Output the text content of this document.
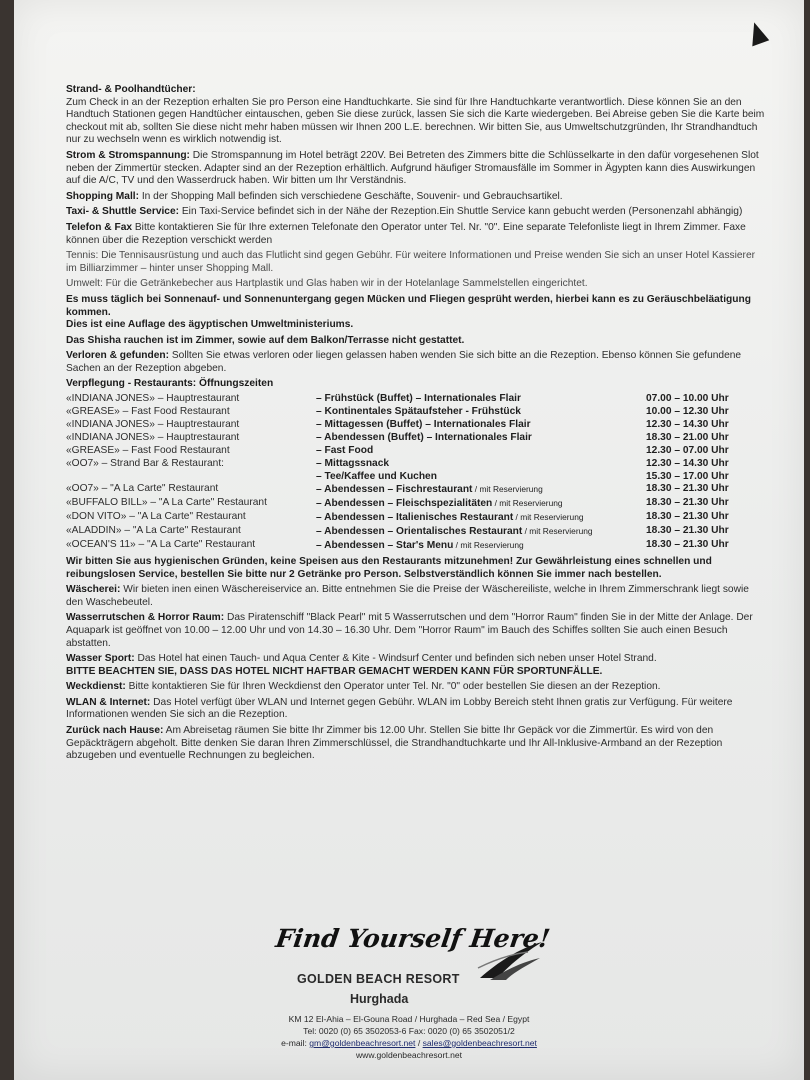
Strand- & Poolhandtücher:
Zum Check in an der Rezeption erhalten Sie pro Person eine Handtuchkarte. Sie sind für Ihre Handtuchkarte verantwortlich. Diese können Sie an den Handtuch Stationen gegen Handtücher eintauschen, geben Sie diese zurück, lassen Sie sich die Karte wiedergeben. Bei Abreise geben Sie die Karte beim checkout mit ab, sollten Sie diese nicht mehr haben müssen wir Ihnen 200 L.E. berechnen. Wir bitten Sie, aus Umweltschutzgründen, Ihr Strandhandtuch nur zu wechseln wenn es wirklich notwendig ist.
Strom & Stromspannung: Die Stromspannung im Hotel beträgt 220V. Bei Betreten des Zimmers bitte die Schlüsselkarte in den dafür vorgesehenen Slot neben der Zimmertür stecken. Adapter sind an der Rezeption erhältlich. Aufgrund häufiger Stromausfälle im Sommer in Ägypten kann dies Auswirkungen auf die A/C, TV und den Wasserdruck haben. Wir bitten um Ihr Verständnis.
Shopping Mall: In der Shopping Mall befinden sich verschiedene Geschäfte, Souvenir- und Gebrauchsartikel.
Taxi- & Shuttle Service: Ein Taxi-Service befindet sich in der Nähe der Rezeption.Ein Shuttle Service kann gebucht werden (Personenzahl abhängig)
Telefon & Fax Bitte kontaktieren Sie für Ihre externen Telefonate den Operator unter Tel. Nr. "0". Eine separate Telefonliste liegt in Ihrem Zimmer. Faxe können über die Rezeption verschickt werden
Tennis: Die Tennisausrüstung und auch das Flutlicht sind gegen Gebühr. Für weitere Informationen und Preise wenden Sie sich an unser Hotel Kassierer im Billiarzimmer – hinter unser Shopping Mall.
Umwelt: Für die Getränkebecher aus Hartplastik und Glas haben wir in der Hotelanlage Sammelstellen eingerichtet.
Es muss täglich bei Sonnenauf- und Sonnenuntergang gegen Mücken und Fliegen gesprüht werden, hierbei kann es zu Geräuschbeläatigung kommen.
Dies ist eine Auflage des ägyptischen Umweltministeriums.
Das Shisha rauchen ist im Zimmer, sowie auf dem Balkon/Terrasse nicht gestattet.
Verloren & gefunden: Sollten Sie etwas verloren oder liegen gelassen haben wenden Sie sich bitte an die Rezeption. Ebenso können Sie gefundene Sachen an der Rezeption abgeben.
Verpflegung - Restaurants: Öffnungszeiten
«INDIANA JONES» – Hauptrestaurant	– Frühstück (Buffet) – Internationales Flair	07.00 – 10.00 Uhr
«GREASE» – Fast Food Restaurant	– Kontinentales Spätaufsteher - Frühstück	10.00 – 12.30 Uhr
«INDIANA JONES» – Hauptrestaurant	– Mittagessen (Buffet) – Internationales Flair	12.30 – 14.30 Uhr
«INDIANA JONES» – Hauptrestaurant	– Abendessen (Buffet) – Internationales Flair	18.30 – 21.00 Uhr
«GREASE» – Fast Food Restaurant	– Fast Food	12.30 – 07.00 Uhr
«OO7» – Strand Bar & Restaurant:	– Mittagssnack	12.30 – 14.30 Uhr
– Tee/Kaffee und Kuchen	15.30 – 17.00 Uhr
«OO7» – "A La Carte" Restaurant	– Abendessen – Fischrestaurant / mit Reservierung	18.30 – 21.30 Uhr
«BUFFALO BILL» – "A La Carte" Restaurant	– Abendessen – Fleischspezialitäten / mit Reservierung	18.30 – 21.30 Uhr
«DON VITO» – "A La Carte" Restaurant	– Abendessen – Italienisches Restaurant / mit Reservierung	18.30 – 21.30 Uhr
«ALADDIN» – "A La Carte" Restaurant	– Abendessen – Orientalisches Restaurant / mit Reservierung	18.30 – 21.30 Uhr
«OCEAN'S 11» – "A La Carte" Restaurant	– Abendessen – Star's Menu / mit Reservierung	18.30 – 21.30 Uhr
Wir bitten Sie aus hygienischen Gründen, keine Speisen aus den Restaurants mitzunehmen! Zur Gewährleistung eines schnellen und reibungslosen Service, bestellen Sie bitte nur 2 Getränke pro Person. Selbstverständlich können Sie immer nach bestellen.
Wäscherei: Wir bieten inen einen Wäschereiservice an. Bitte entnehmen Sie die Preise der Wäschereiliste, welche in Ihrem Zimmerschrank liegt sowie den Waschebeutel.
Wasserrutschen & Horror Raum: Das Piratenschiff "Black Pearl" mit 5 Wasserrutschen und dem "Horror Raum" finden Sie in der Mitte der Anlage. Der Aquapark ist geöffnet von 10.00 – 12.00 Uhr und von 14.30 – 16.30 Uhr. Dem "Horror Raum" im Bauch des Schiffes sollten Sie auch einen Besuch abstatten.
Wasser Sport: Das Hotel hat einen Tauch- und Aqua Center & Kite - Windsurf Center und befinden sich neben unser Hotel Strand.
BITTE BEACHTEN SIE, DASS DAS HOTEL NICHT HAFTBAR GEMACHT WERDEN KANN FÜR SPORTUNFÄLLE.
Weckdienst: Bitte kontaktieren Sie für Ihren Weckdienst den Operator unter Tel. Nr. "0" oder bestellen Sie diesen an der Rezeption.
WLAN & Internet: Das Hotel verfügt über WLAN und Internet gegen Gebühr. WLAN im Lobby Bereich steht Ihnen gratis zur Verfügung. Für weitere Informationen wenden Sie sich an die Rezeption.
Zurück nach Hause: Am Abreisetag räumen Sie bitte Ihr Zimmer bis 12.00 Uhr. Stellen Sie bitte Ihr Gepäck vor die Zimmertür. Es wird von den Gepäckträgern abgeholt. Bitte denken Sie daran Ihren Zimmerschlüssel, die Strandhandtuchkarte und Ihr All-Inklusive-Armband an der Rezeption abzugeben und eventuelle Rechnungen zu begleichen.
Find Yourself Here!
GOLDEN BEACH RESORT
Hurghada
KM 12 El-Ahia – El-Gouna Road / Hurghada – Red Sea / Egypt
Tel: 0020 (0) 65 3502053-6 Fax: 0020 (0) 65 3502051/2
e-mail: gm@goldenbeachresort.net / sales@goldenbeachresort.net
www.goldenbeachresort.net
